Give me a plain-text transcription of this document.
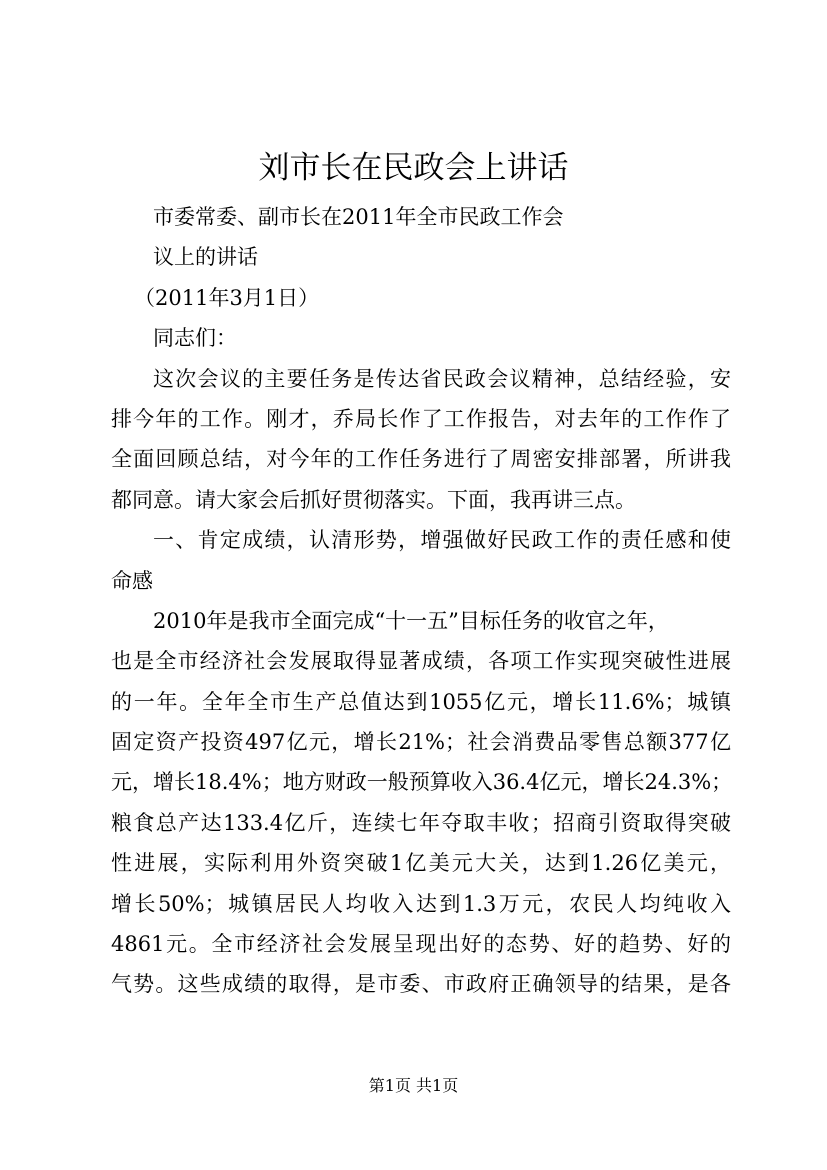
刘市长在民政会上讲话
市委常委、副市长在2011年全市民政工作会
议上的讲话
（2011年3月1日）
同志们：
这次会议的主要任务是传达省民政会议精神，总结经验，安
排今年的工作。刚才，乔局长作了工作报告，对去年的工作作了
全面回顾总结，对今年的工作任务进行了周密安排部署，所讲我
都同意。请大家会后抓好贯彻落实。下面，我再讲三点。
一、肯定成绩，认清形势，增强做好民政工作的责任感和使
命感
2010年是我市全面完成“十一五”目标任务的收官之年，
也是全市经济社会发展取得显著成绩，各项工作实现突破性进展
的一年。全年全市生产总值达到1055亿元，增长11.6%；城镇
固定资产投资497亿元，增长21%；社会消费品零售总额377亿
元，增长18.4%；地方财政一般预算收入36.4亿元，增长24.3%；
粮食总产达133.4亿斤，连续七年夺取丰收；招商引资取得突破
性进展，实际利用外资突破1亿美元大关，达到1.26亿美元，
增长50%；城镇居民人均收入达到1.3万元，农民人均纯收入
4861元。全市经济社会发展呈现出好的态势、好的趋势、好的
气势。这些成绩的取得，是市委、市政府正确领导的结果，是各
第1页 共1页
